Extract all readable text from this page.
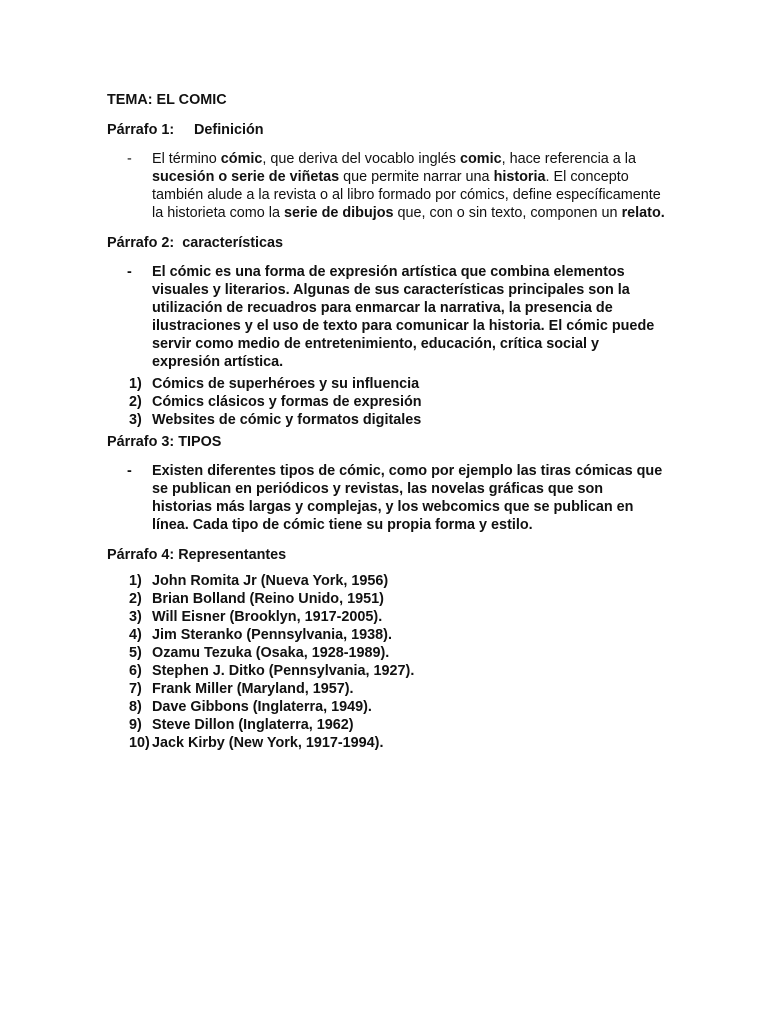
TEMA: EL COMIC
Párrafo 1: Definición
- El término cómic, que deriva del vocablo inglés comic, hace referencia a la sucesión o serie de viñetas que permite narrar una historia. El concepto también alude a la revista o al libro formado por cómics, define específicamente la historieta como la serie de dibujos que, con o sin texto, componen un relato.
Párrafo 2: características
- El cómic es una forma de expresión artística que combina elementos visuales y literarios. Algunas de sus características principales son la utilización de recuadros para enmarcar la narrativa, la presencia de ilustraciones y el uso de texto para comunicar la historia. El cómic puede servir como medio de entretenimiento, educación, crítica social y expresión artística.
1) Cómics de superhéroes y su influencia
2) Cómics clásicos y formas de expresión
3) Websites de cómic y formatos digitales
Párrafo 3: TIPOS
- Existen diferentes tipos de cómic, como por ejemplo las tiras cómicas que se publican en periódicos y revistas, las novelas gráficas que son historias más largas y complejas, y los webcomics que se publican en línea. Cada tipo de cómic tiene su propia forma y estilo.
Párrafo 4: Representantes
1) John Romita Jr (Nueva York, 1956)
2) Brian Bolland (Reino Unido, 1951)
3) Will Eisner (Brooklyn, 1917-2005).
4) Jim Steranko (Pennsylvania, 1938).
5) Ozamu Tezuka (Osaka, 1928-1989).
6) Stephen J. Ditko (Pennsylvania, 1927).
7) Frank Miller (Maryland, 1957).
8) Dave Gibbons (Inglaterra, 1949).
9) Steve Dillon (Inglaterra, 1962)
10) Jack Kirby (New York, 1917-1994).
